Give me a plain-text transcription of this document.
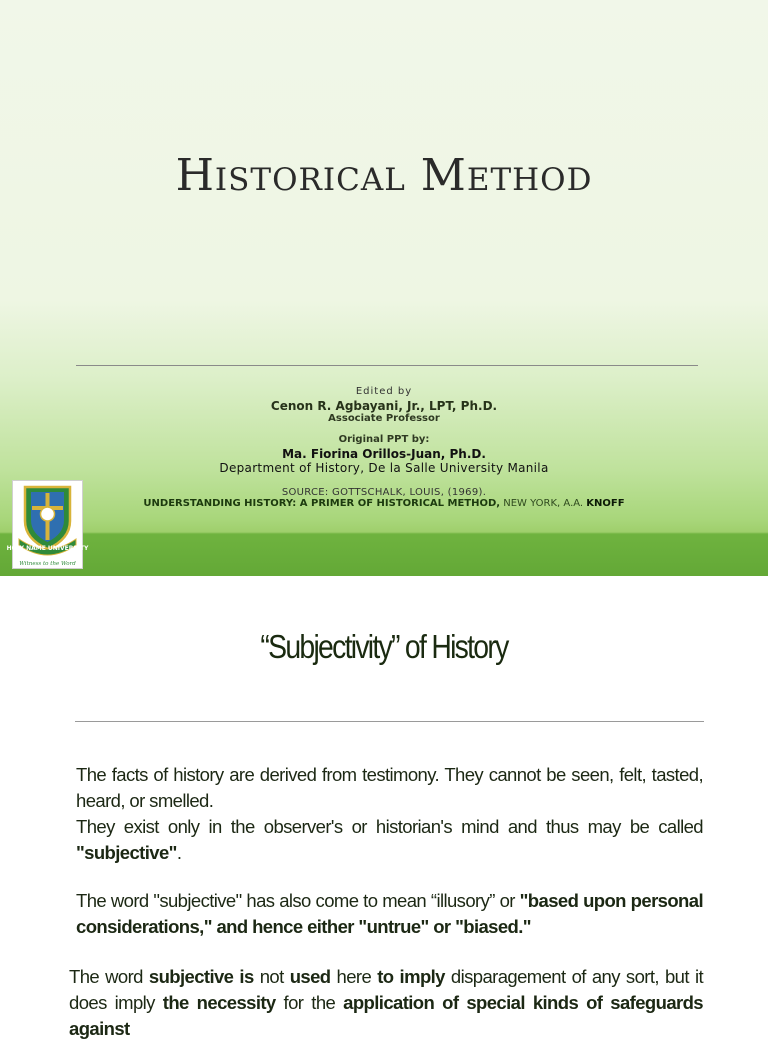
Historical Method
Edited by
Cenon R. Agbayani, Jr., LPT, Ph.D.
Associate Professor
Original PPT by:
Ma. Fiorina Orillos-Juan, Ph.D.
Department of History, De la Salle University Manila
SOURCE: GOTTSCHALK, LOUIS, (1969).
UNDERSTANDING HISTORY: A PRIMER OF HISTORICAL METHOD, NEW YORK, A.A. KNOFF
HOLY NAME UNIVERSITY
Witness to the Word
“Subjectivity” of History

The facts of history are derived from testimony. They cannot be seen, felt, tasted, heard, or smelled.

They exist only in the observer's or historian's mind and thus may be called "subjective".

The word "subjective" has also come to mean “illusory” or "based upon personal considerations," and hence either "untrue" or "biased."

The word subjective is not used here to imply disparagement of any sort, but it does imply the necessity for the application of special kinds of safeguards against
